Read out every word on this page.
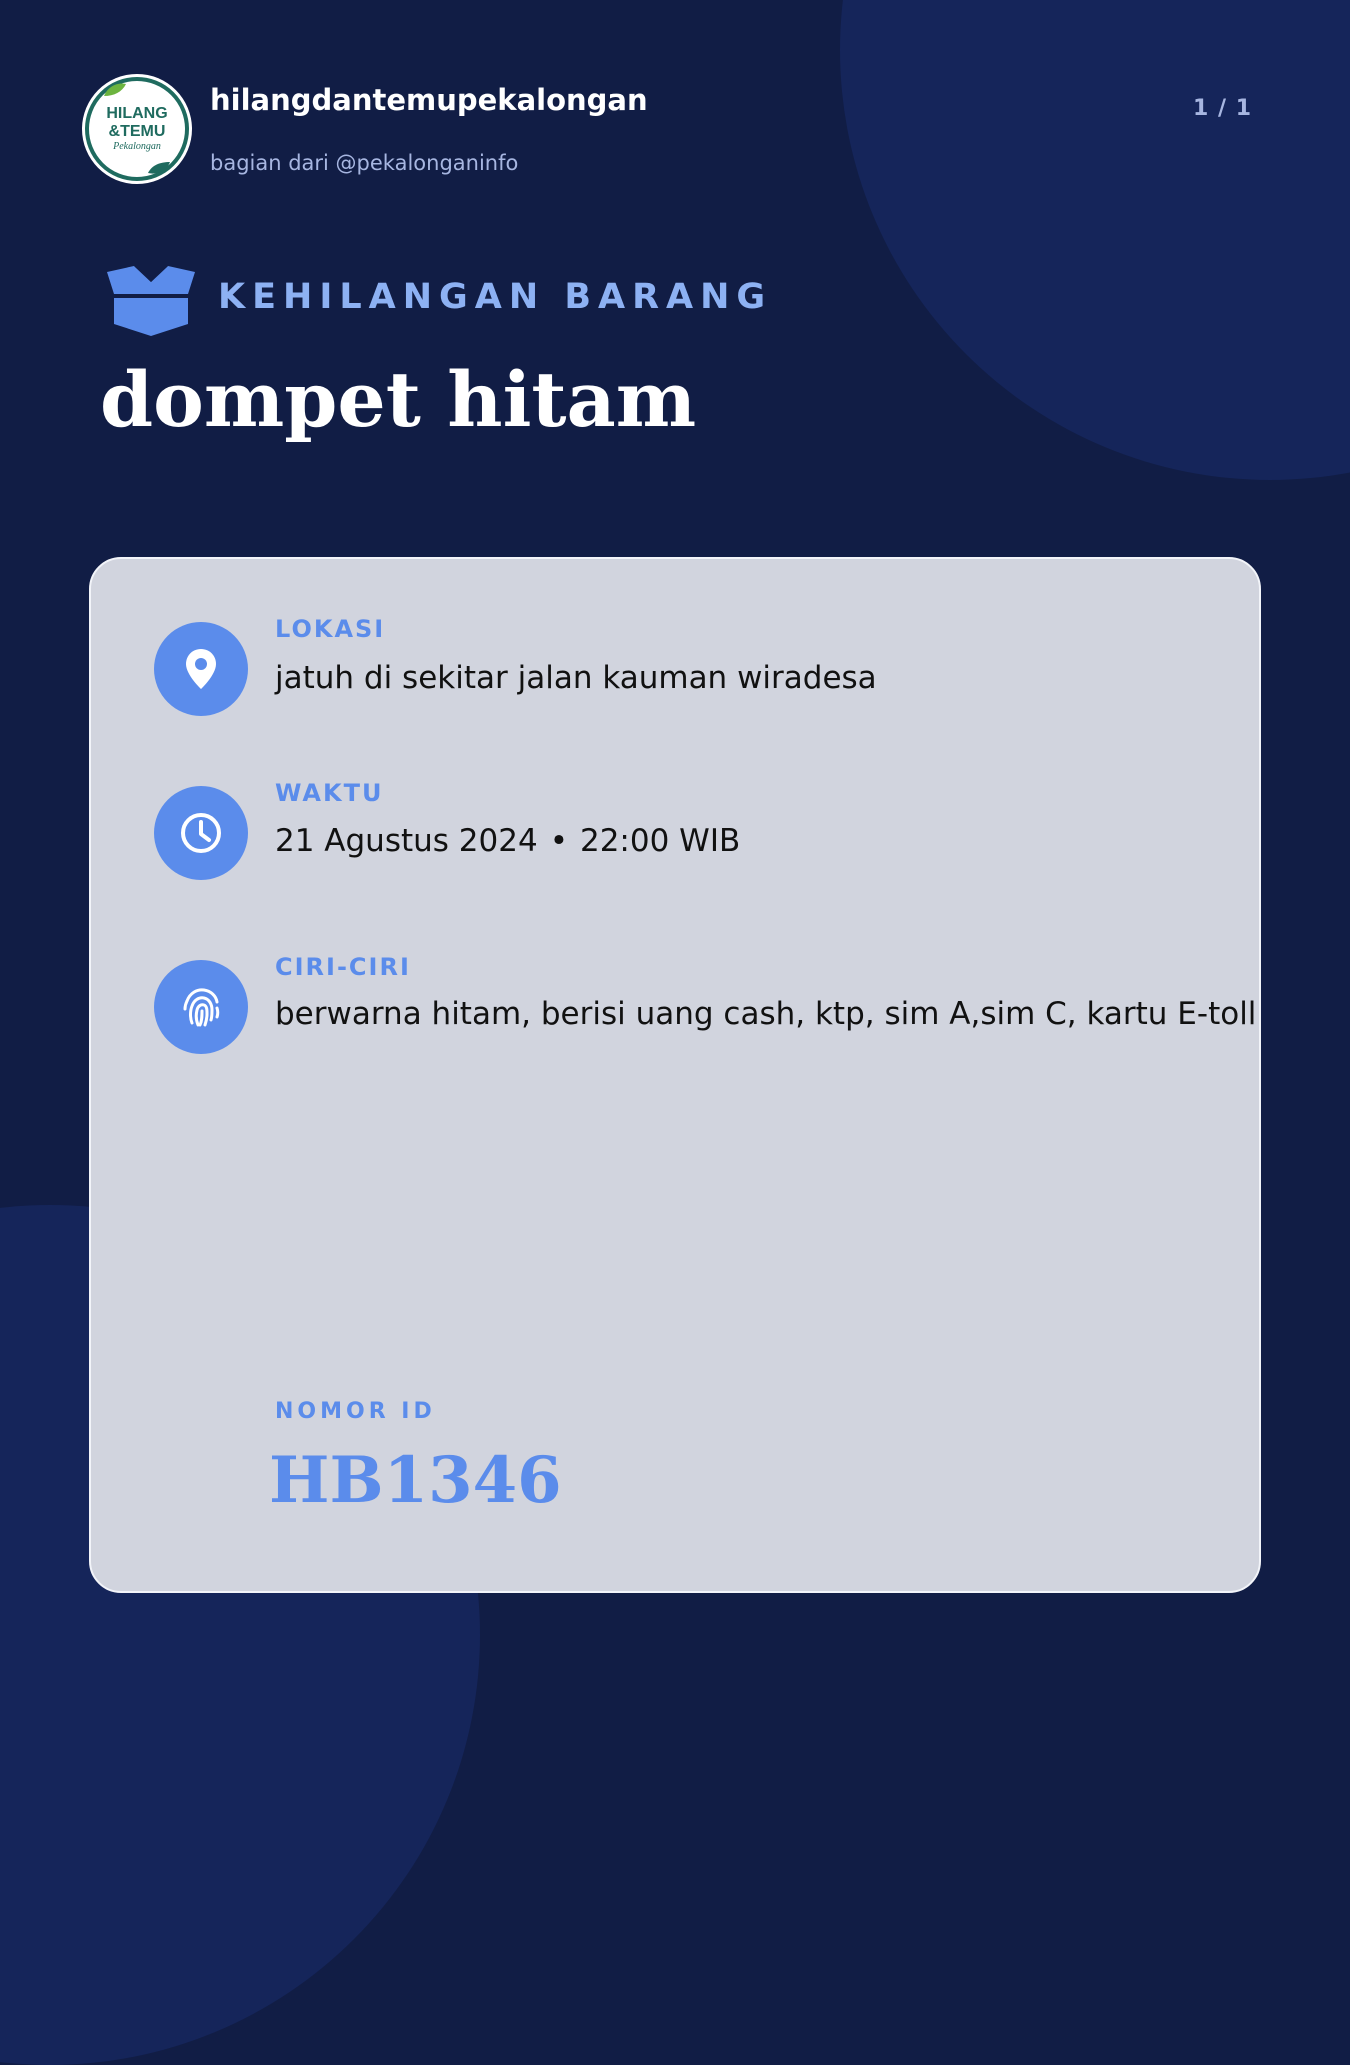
HILANG
&TEMU
Pekalongan
hilangdantemupekalongan
bagian dari @pekalonganinfo
1 / 1
KEHILANGAN BARANG
dompet hitam
LOKASI
jatuh di sekitar jalan kauman wiradesa
WAKTU
21 Agustus 2024 • 22:00 WIB
CIRI-CIRI
berwarna hitam, berisi uang cash, ktp, sim A,sim C, kartu E-toll
NOMOR ID
HB1346
